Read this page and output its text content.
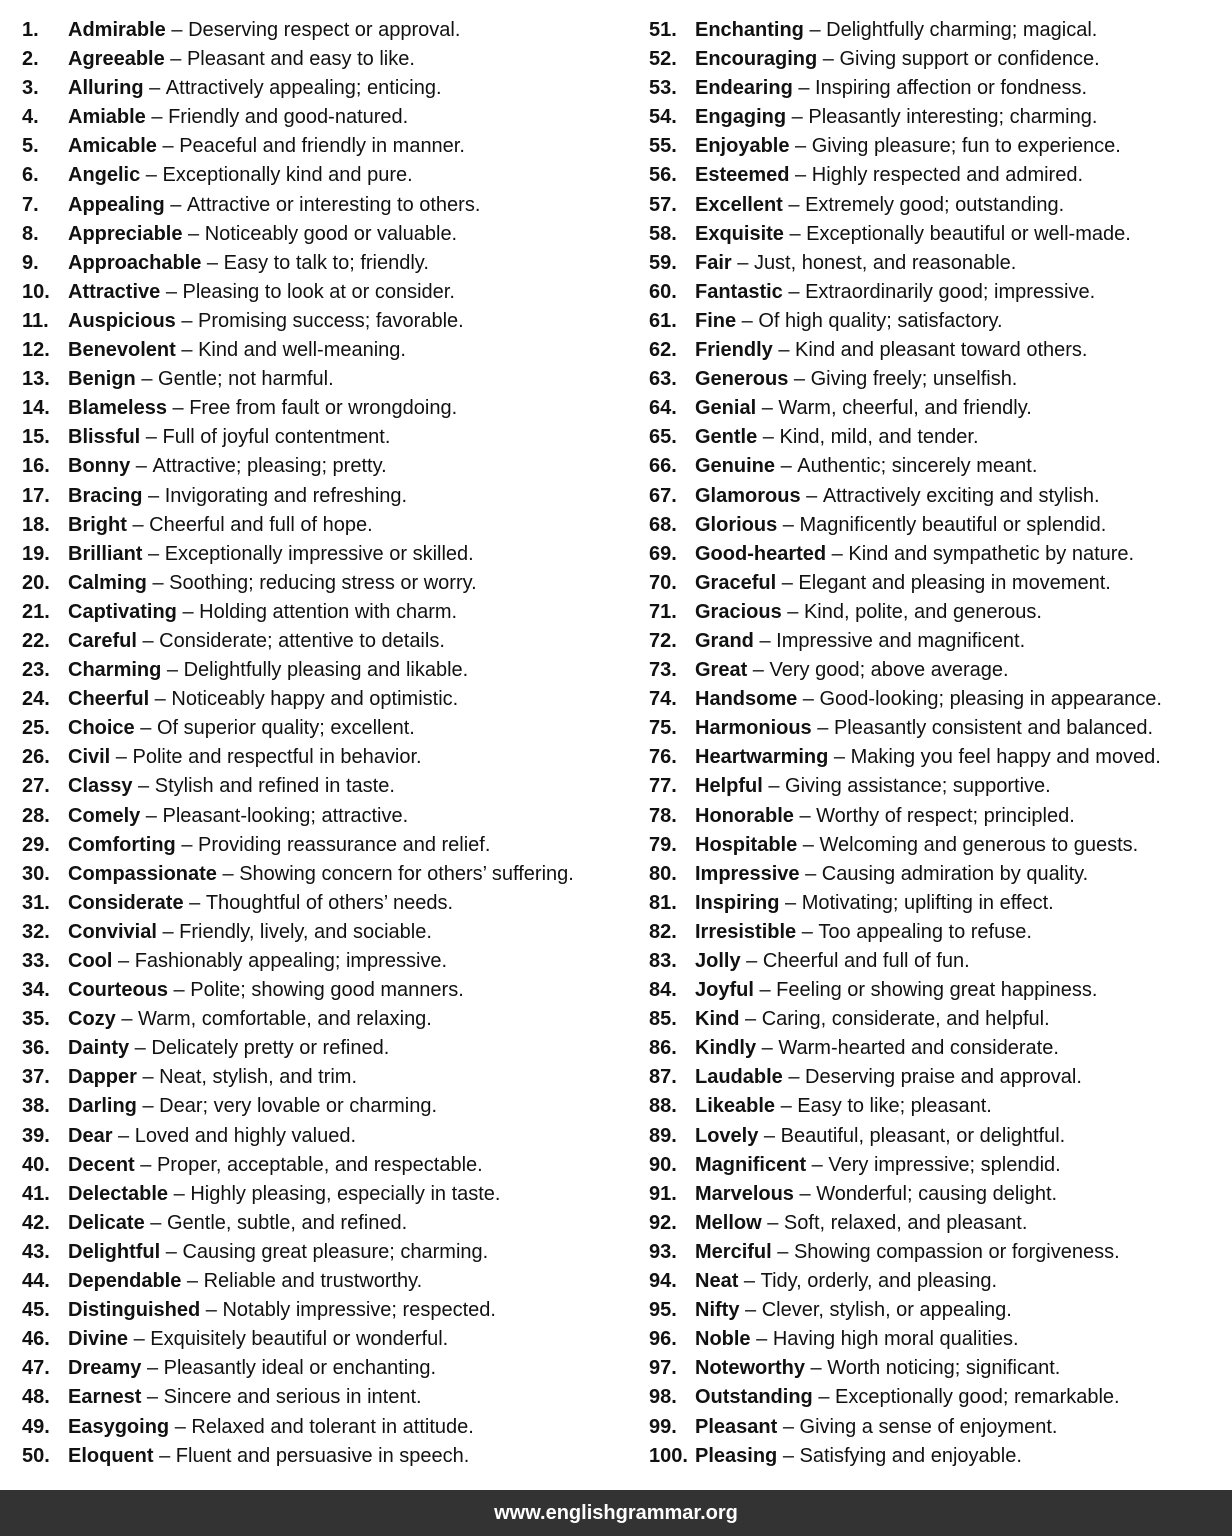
1.	Admirable – Deserving respect or approval.
2.	Agreeable – Pleasant and easy to like.
3.	Alluring – Attractively appealing; enticing.
4.	Amiable – Friendly and good-natured.
5.	Amicable – Peaceful and friendly in manner.
6.	Angelic – Exceptionally kind and pure.
7.	Appealing – Attractive or interesting to others.
8.	Appreciable – Noticeably good or valuable.
9.	Approachable – Easy to talk to; friendly.
10. Attractive – Pleasing to look at or consider.
11. Auspicious – Promising success; favorable.
12. Benevolent – Kind and well-meaning.
13. Benign – Gentle; not harmful.
14. Blameless – Free from fault or wrongdoing.
15. Blissful – Full of joyful contentment.
16. Bonny – Attractive; pleasing; pretty.
17. Bracing – Invigorating and refreshing.
18. Bright – Cheerful and full of hope.
19. Brilliant – Exceptionally impressive or skilled.
20. Calming – Soothing; reducing stress or worry.
21. Captivating – Holding attention with charm.
22. Careful – Considerate; attentive to details.
23. Charming – Delightfully pleasing and likable.
24. Cheerful – Noticeably happy and optimistic.
25. Choice – Of superior quality; excellent.
26. Civil – Polite and respectful in behavior.
27. Classy – Stylish and refined in taste.
28. Comely – Pleasant-looking; attractive.
29. Comforting – Providing reassurance and relief.
30. Compassionate – Showing concern for others’ suffering.
31. Considerate – Thoughtful of others’ needs.
32. Convivial – Friendly, lively, and sociable.
33. Cool – Fashionably appealing; impressive.
34. Courteous – Polite; showing good manners.
35. Cozy – Warm, comfortable, and relaxing.
36. Dainty – Delicately pretty or refined.
37. Dapper – Neat, stylish, and trim.
38. Darling – Dear; very lovable or charming.
39. Dear – Loved and highly valued.
40. Decent – Proper, acceptable, and respectable.
41. Delectable – Highly pleasing, especially in taste.
42. Delicate – Gentle, subtle, and refined.
43. Delightful – Causing great pleasure; charming.
44. Dependable – Reliable and trustworthy.
45. Distinguished – Notably impressive; respected.
46. Divine – Exquisitely beautiful or wonderful.
47. Dreamy – Pleasantly ideal or enchanting.
48. Earnest – Sincere and serious in intent.
49. Easygoing – Relaxed and tolerant in attitude.
50. Eloquent – Fluent and persuasive in speech.
51. Enchanting – Delightfully charming; magical.
52. Encouraging – Giving support or confidence.
53. Endearing – Inspiring affection or fondness.
54. Engaging – Pleasantly interesting; charming.
55. Enjoyable – Giving pleasure; fun to experience.
56. Esteemed – Highly respected and admired.
57. Excellent – Extremely good; outstanding.
58. Exquisite – Exceptionally beautiful or well-made.
59. Fair – Just, honest, and reasonable.
60. Fantastic – Extraordinarily good; impressive.
61. Fine – Of high quality; satisfactory.
62. Friendly – Kind and pleasant toward others.
63. Generous – Giving freely; unselfish.
64. Genial – Warm, cheerful, and friendly.
65. Gentle – Kind, mild, and tender.
66. Genuine – Authentic; sincerely meant.
67. Glamorous – Attractively exciting and stylish.
68. Glorious – Magnificently beautiful or splendid.
69. Good-hearted – Kind and sympathetic by nature.
70. Graceful – Elegant and pleasing in movement.
71. Gracious – Kind, polite, and generous.
72. Grand – Impressive and magnificent.
73. Great – Very good; above average.
74. Handsome – Good-looking; pleasing in appearance.
75. Harmonious – Pleasantly consistent and balanced.
76. Heartwarming – Making you feel happy and moved.
77. Helpful – Giving assistance; supportive.
78. Honorable – Worthy of respect; principled.
79. Hospitable – Welcoming and generous to guests.
80. Impressive – Causing admiration by quality.
81. Inspiring – Motivating; uplifting in effect.
82. Irresistible – Too appealing to refuse.
83. Jolly – Cheerful and full of fun.
84. Joyful – Feeling or showing great happiness.
85. Kind – Caring, considerate, and helpful.
86. Kindly – Warm-hearted and considerate.
87. Laudable – Deserving praise and approval.
88. Likeable – Easy to like; pleasant.
89. Lovely – Beautiful, pleasant, or delightful.
90. Magnificent – Very impressive; splendid.
91. Marvelous – Wonderful; causing delight.
92. Mellow – Soft, relaxed, and pleasant.
93. Merciful – Showing compassion or forgiveness.
94. Neat – Tidy, orderly, and pleasing.
95. Nifty – Clever, stylish, or appealing.
96. Noble – Having high moral qualities.
97. Noteworthy – Worth noticing; significant.
98. Outstanding – Exceptionally good; remarkable.
99. Pleasant – Giving a sense of enjoyment.
100. Pleasing – Satisfying and enjoyable.
www.englishgrammar.org
